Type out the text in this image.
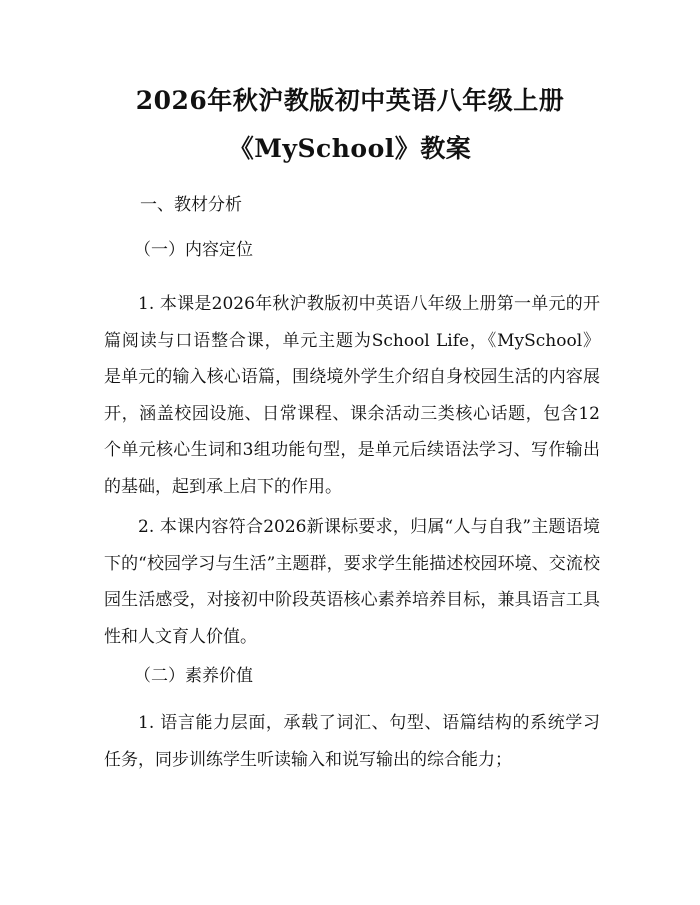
2026年秋沪教版初中英语八年级上册
《MySchool》教案
一、教材分析
（一）内容定位

1. 本课是2026年秋沪教版初中英语八年级上册第一单元的开篇阅读与口语整合课，单元主题为School Life，《MySchool》是单元的输入核心语篇，围绕境外学生介绍自身校园生活的内容展开，涵盖校园设施、日常课程、课余活动三类核心话题，包含12个单元核心生词和3组功能句型，是单元后续语法学习、写作输出的基础，起到承上启下的作用。

2. 本课内容符合2026新课标要求，归属“人与自我”主题语境下的“校园学习与生活”主题群，要求学生能描述校园环境、交流校园生活感受，对接初中阶段英语核心素养培养目标，兼具语言工具性和人文育人价值。

（二）素养价值

1. 语言能力层面，承载了词汇、句型、语篇结构的系统学习任务，同步训练学生听读输入和说写输出的综合能力；
